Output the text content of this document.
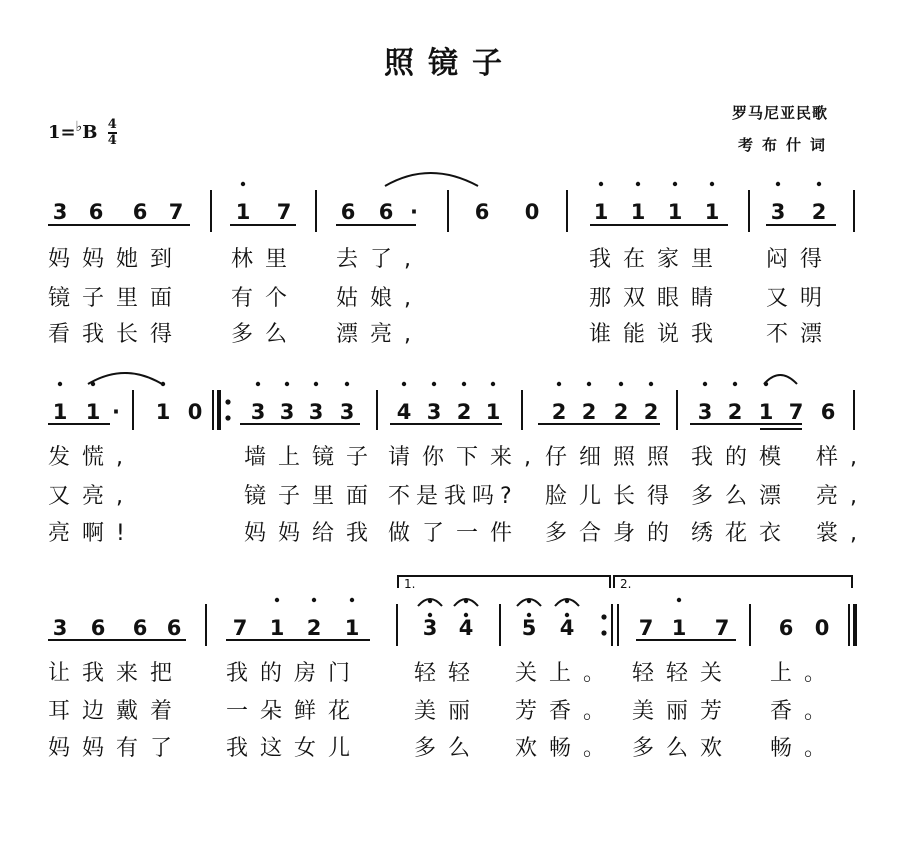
照镜子
罗马尼亚民歌
考布什词
$1=^♭B \frac{4}{4}$
1.	2.
3 6 6 7 1 7 6 6 ·	6 0	1 1 1 1 3 2
妈妈她到 林里 去了,	我在家里 闷得
镜子里面 有个 姑娘,	那双眼睛 又明
看我长得 多么 漂亮,	谁能说我 不漂
1 1 ·	1 0 3 3 3 3 4 3 2 1 2 2 2 2 3 2 1 7 6
发慌,	墙上镜子 请你下来, 仔细照照 我的模 样,
又亮,	镜子里面 不是我吗? 脸儿长得 多么漂 亮,
亮啊!	妈妈给我 做了一件 多合身的 绣花衣 裳,
3 6 6 6 7 1 2 1	3 4 5 4	7 1 7 6 0
让我来把 我的房门 轻轻 关上。 轻轻关 上。
耳边戴着 一朵鲜花 美丽 芳香。 美丽芳 香。
妈妈有了 我这女儿 多么 欢畅。 多么欢 畅。
